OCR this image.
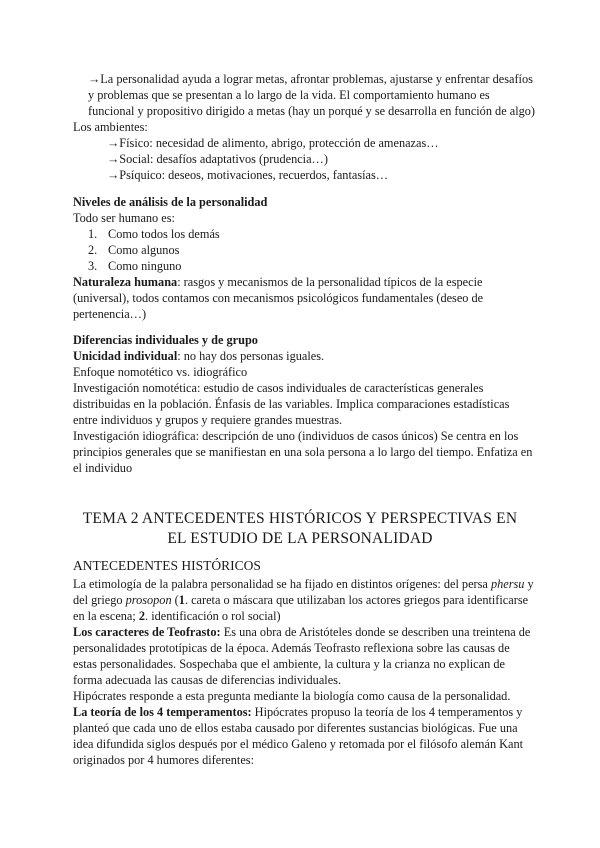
→La personalidad ayuda a lograr metas, afrontar problemas, ajustarse y enfrentar desafíos
y problemas que se presentan a lo largo de la vida. El comportamiento humano es
funcional y propositivo dirigido a metas (hay un porqué y se desarrolla en función de algo)
Los ambientes:
→Físico: necesidad de alimento, abrigo, protección de amenazas…
→Social: desafíos adaptativos (prudencia…)
→Psíquico: deseos, motivaciones, recuerdos, fantasías…
Niveles de análisis de la personalidad
Todo ser humano es:
1. Como todos los demás
2. Como algunos
3. Como ninguno
Naturaleza humana: rasgos y mecanismos de la personalidad típicos de la especie
(universal), todos contamos con mecanismos psicológicos fundamentales (deseo de
pertenencia…)
Diferencias individuales y de grupo
Unicidad individual: no hay dos personas iguales.
Enfoque nomotético vs. idiográfico
Investigación nomotética: estudio de casos individuales de características generales
distribuidas en la población. Énfasis de las variables. Implica comparaciones estadísticas
entre individuos y grupos y requiere grandes muestras.
Investigación idiográfica: descripción de uno (individuos de casos únicos) Se centra en los
principios generales que se manifiestan en una sola persona a lo largo del tiempo. Enfatiza en
el individuo
TEMA 2 ANTECEDENTES HISTÓRICOS Y PERSPECTIVAS EN
EL ESTUDIO DE LA PERSONALIDAD
ANTECEDENTES HISTÓRICOS
La etimología de la palabra personalidad se ha fijado en distintos orígenes: del persa phersu y
del griego prosopon (1. careta o máscara que utilizaban los actores griegos para identificarse
en la escena; 2. identificación o rol social)
Los caracteres de Teofrasto: Es una obra de Aristóteles donde se describen una treintena de
personalidades prototípicas de la época. Además Teofrasto reflexiona sobre las causas de
estas personalidades. Sospechaba que el ambiente, la cultura y la crianza no explican de
forma adecuada las causas de diferencias individuales.
Hipócrates responde a esta pregunta mediante la biología como causa de la personalidad.
La teoría de los 4 temperamentos: Hipócrates propuso la teoría de los 4 temperamentos y
planteó que cada uno de ellos estaba causado por diferentes sustancias biológicas. Fue una
idea difundida siglos después por el médico Galeno y retomada por el filósofo alemán Kant
originados por 4 humores diferentes:
